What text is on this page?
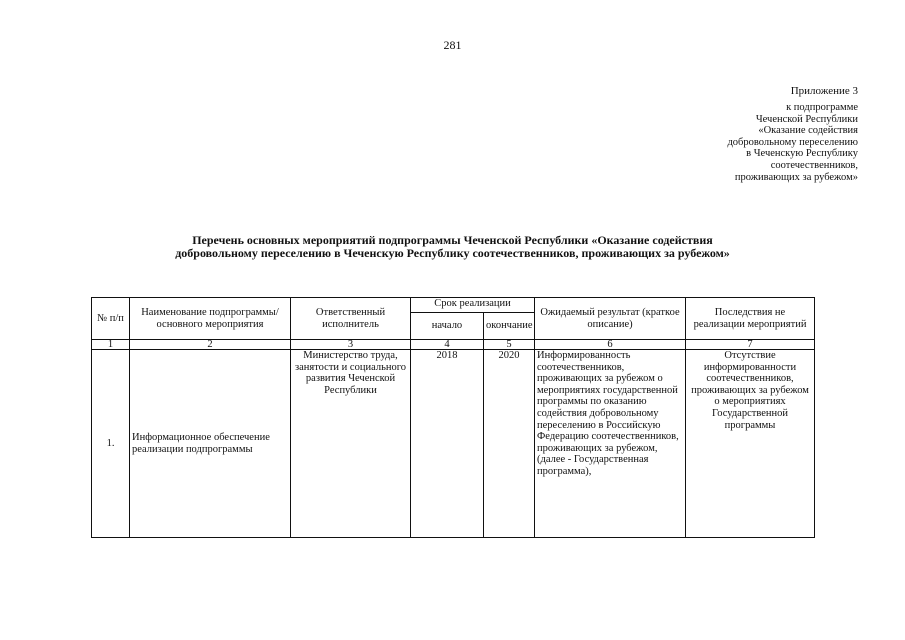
281
Приложение 3
к подпрограмме
Чеченской Республики
«Оказание содействия
добровольному переселению
в Чеченскую Республику
соотечественников,
проживающих за рубежом»
Перечень основных мероприятий подпрограммы Чеченской Республики «Оказание содействия
добровольному переселению в Чеченскую Республику соотечественников, проживающих за рубежом»
№ п/п	Наименование подпрограммы/ основного мероприятия	Ответственный исполнитель	Срок реализации		Ожидаемый результат (краткое описание)	Последствия не реализации мероприятий
			начало	окончание		
1	2	3	4	5	6	7
1.	Информационное обеспечение реализации подпрограммы	Министерство труда, занятости и социального развития Чеченской Республики	2018	2020	Информированность соотечественников, проживающих за рубежом о мероприятиях государственной программы по оказанию содействия добровольному переселению в Российскую Федерацию соотечественников, проживающих за рубежом, (далее - Государственная программа),	Отсутствие информированности соотечественников, проживающих за рубежом о мероприятиях Государственной программы
